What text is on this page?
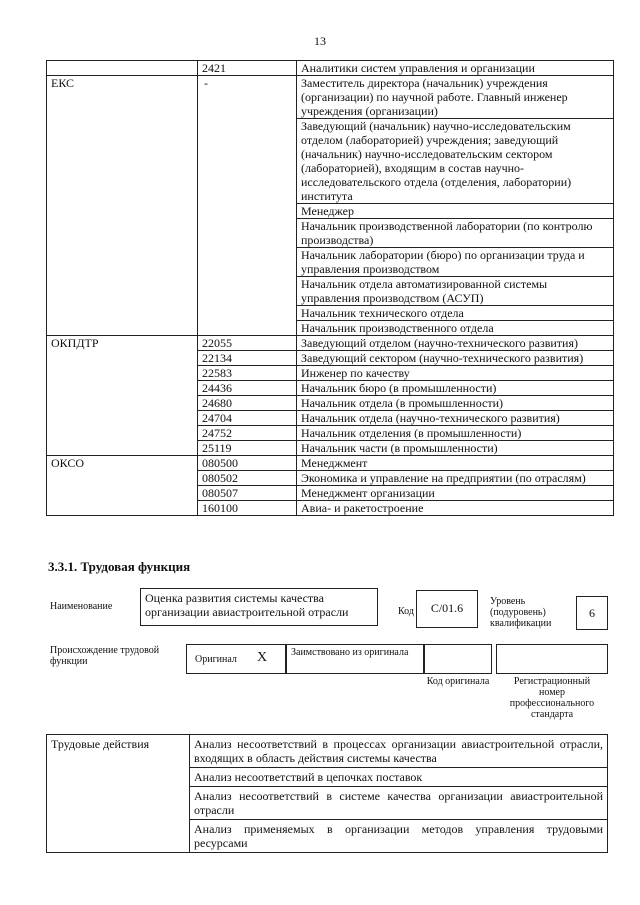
13
	2421	Аналитики систем управления и организации
ЕКС	-	Заместитель директора (начальник) учреждения (организации) по научной работе. Главный инженер учреждения (организации)
		Заведующий (начальник) научно-исследовательским отделом (лабораторией) учреждения; заведующий (начальник) научно-исследовательским сектором (лабораторией), входящим в состав научно-исследовательского отдела (отделения, лаборатории) института
		Менеджер
		Начальник производственной лаборатории (по контролю производства)
		Начальник лаборатории (бюро) по организации труда и управления производством
		Начальник отдела автоматизированной системы управления производством (АСУП)
		Начальник технического отдела
		Начальник производственного отдела
ОКПДТР	22055	Заведующий отделом (научно-технического развития)
	22134	Заведующий сектором (научно-технического развития)
	22583	Инженер по качеству
	24436	Начальник бюро (в промышленности)
	24680	Начальник отдела (в промышленности)
	24704	Начальник отдела (научно-технического развития)
	24752	Начальник отделения (в промышленности)
	25119	Начальник части (в промышленности)
ОКСО	080500	Менеджмент
	080502	Экономика и управление на предприятии (по отраслям)
	080507	Менеджмент организации
	160100	Авиа- и ракетостроение
3.3.1. Трудовая функция
Наименование
Оценка развития системы качества организации авиастроительной отрасли	Код	C/01.6	Уровень (подуровень) квалификации
6
Происхождение трудовой функции	Оригинал X	Заимствовано из оригинала
Код оригинала	Регистрационный номер профессионального стандарта
Трудовые действия	Анализ несоответствий в процессах организации авиастроительной отрасли, входящих в область действия системы качества
Анализ несоответствий в цепочках поставок
Анализ несоответствий в системе качества организации авиастроительной отрасли
Анализ применяемых в организации методов управления трудовыми ресурсами
